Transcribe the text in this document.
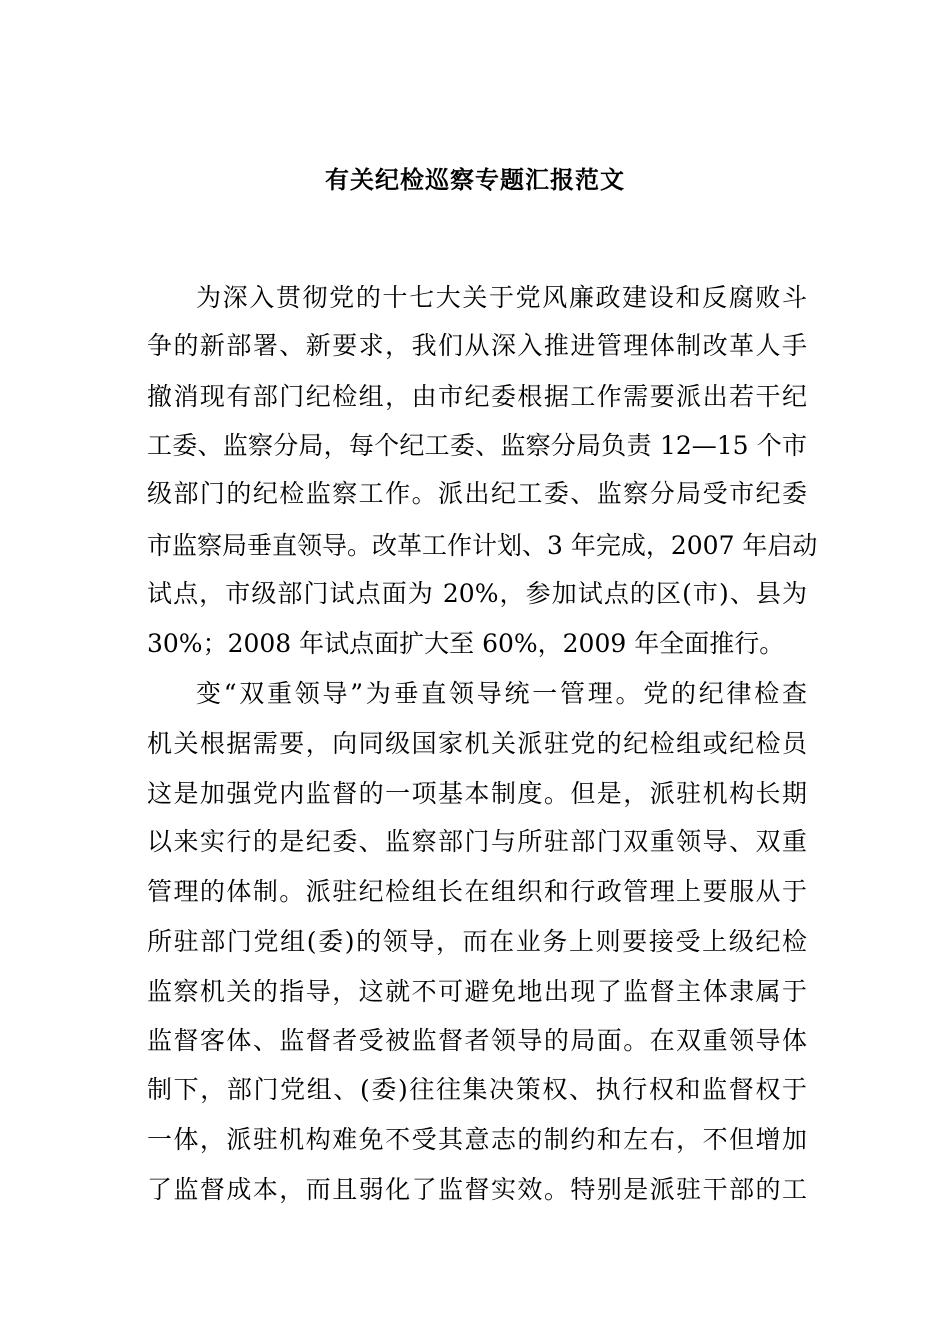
有关纪检巡察专题汇报范文
为深入贯彻党的十七大关于党风廉政建设和反腐败斗
争的新部署、新要求，我们从深入推进管理体制改革人手
撤消现有部门纪检组，由市纪委根据工作需要派出若干纪
工委、监察分局，每个纪工委、监察分局负责 12—15 个市
级部门的纪检监察工作。派出纪工委、监察分局受市纪委
市监察局垂直领导。改革工作计划、3 年完成，2007 年启动
试点，市级部门试点面为 20%，参加试点的区(市)、县为
30%；2008 年试点面扩大至 60%，2009 年全面推行。
变“双重领导”为垂直领导统一管理。党的纪律检查
机关根据需要，向同级国家机关派驻党的纪检组或纪检员
这是加强党内监督的一项基本制度。但是，派驻机构长期
以来实行的是纪委、监察部门与所驻部门双重领导、双重
管理的体制。派驻纪检组长在组织和行政管理上要服从于
所驻部门党组(委)的领导，而在业务上则要接受上级纪检
监察机关的指导，这就不可避免地出现了监督主体隶属于
监督客体、监督者受被监督者领导的局面。在双重领导体
制下，部门党组、(委)往往集决策权、执行权和监督权于
一体，派驻机构难免不受其意志的制约和左右，不但增加
了监督成本，而且弱化了监督实效。特别是派驻干部的工
